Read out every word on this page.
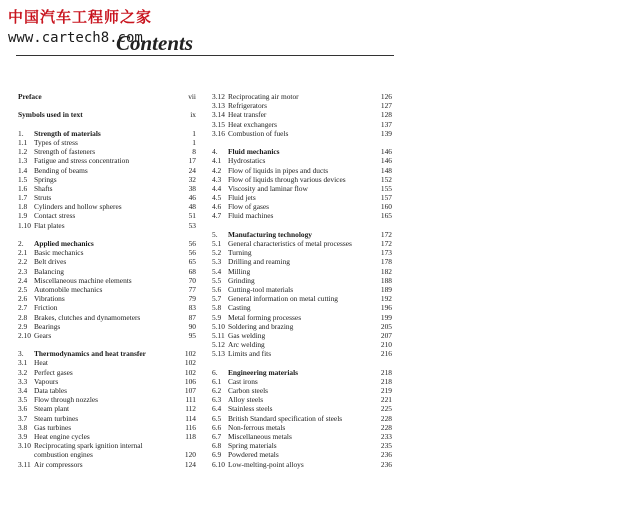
中国汽车工程师之家
www.cartech8.com
Contents
Preface	vii
Symbols used in text	ix
1.	Strength of materials	1
1.1 Types of stress	1
1.2 Strength of fasteners	8
1.3 Fatigue and stress concentration	17
1.4 Bending of beams	24
1.5 Springs	32
1.6 Shafts	38
1.7 Struts	46
1.8 Cylinders and hollow spheres	48
1.9 Contact stress	51
1.10 Flat plates	53
2.	Applied mechanics	56
2.1 Basic mechanics	56
2.2 Belt drives	65
2.3 Balancing	68
2.4 Miscellaneous machine elements	70
2.5 Automobile mechanics	77
2.6 Vibrations	79
2.7 Friction	83
2.8 Brakes, clutches and dynamometers	87
2.9 Bearings	90
2.10 Gears	95
3.	Thermodynamics and heat transfer	102
3.1 Heat	102
3.2 Perfect gases	102
3.3 Vapours	106
3.4 Data tables	107
3.5 Flow through nozzles	111
3.6 Steam plant	112
3.7 Steam turbines	114
3.8 Gas turbines	116
3.9 Heat engine cycles	118
3.10 Reciprocating spark ignition internal
combustion engines	120
3.11 Air compressors	124
3.12 Reciprocating air motor	126
3.13 Refrigerators	127
3.14 Heat transfer	128
3.15 Heat exchangers	137
3.16 Combustion of fuels	139
4.	Fluid mechanics	146
4.1 Hydrostatics	146
4.2 Flow of liquids in pipes and ducts	148
4.3 Flow of liquids through various devices	152
4.4 Viscosity and laminar flow	155
4.5 Fluid jets	157
4.6 Flow of gases	160
4.7 Fluid machines	165
5.	Manufacturing technology	172
5.1 General characteristics of metal processes	172
5.2 Turning	173
5.3 Drilling and reaming	178
5.4 Milling	182
5.5 Grinding	188
5.6 Cutting-tool materials	189
5.7 General information on metal cutting	192
5.8 Casting	196
5.9 Metal forming processes	199
5.10 Soldering and brazing	205
5.11 Gas welding	207
5.12 Arc welding	210
5.13 Limits and fits	216
6.	Engineering materials	218
6.1 Cast irons	218
6.2 Carbon steels	219
6.3 Alloy steels	221
6.4 Stainless steels	225
6.5 British Standard specification of steels	228
6.6 Non-ferrous metals	228
6.7 Miscellaneous metals	233
6.8 Spring materials	235
6.9 Powdered metals	236
6.10 Low-melting-point alloys	236
